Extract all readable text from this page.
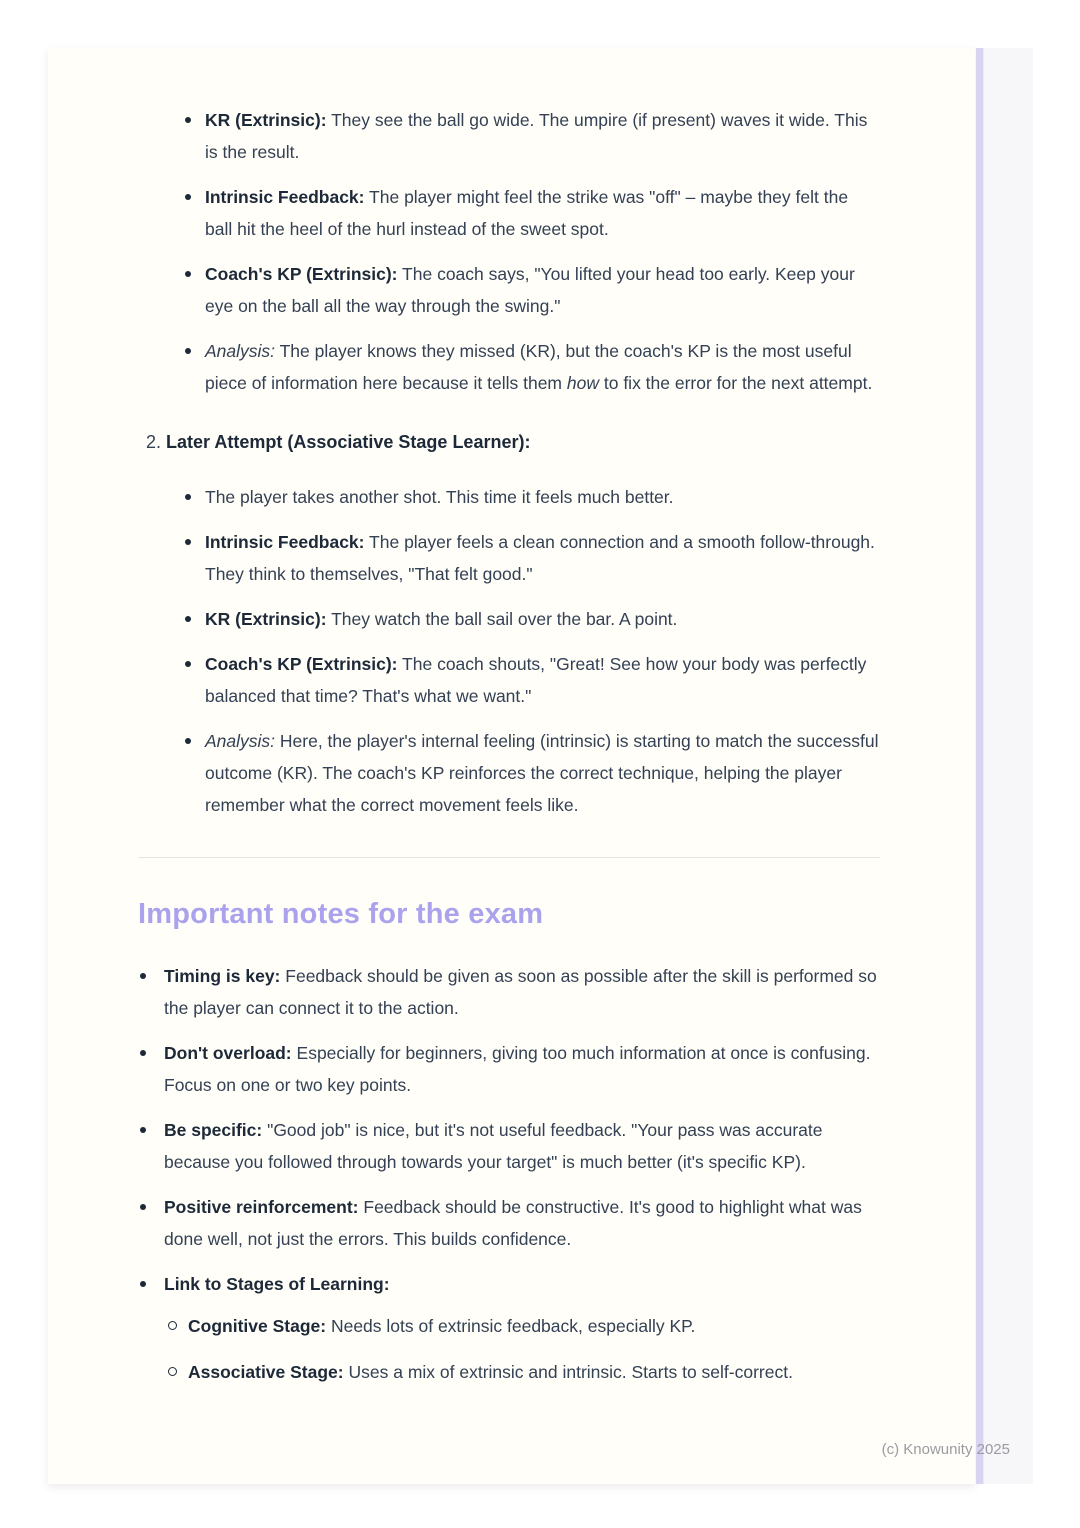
KR (Extrinsic): They see the ball go wide. The umpire (if present) waves it wide. This is the result.
Intrinsic Feedback: The player might feel the strike was "off" – maybe they felt the ball hit the heel of the hurl instead of the sweet spot.
Coach's KP (Extrinsic): The coach says, "You lifted your head too early. Keep your eye on the ball all the way through the swing."
Analysis: The player knows they missed (KR), but the coach's KP is the most useful piece of information here because it tells them how to fix the error for the next attempt.
2. Later Attempt (Associative Stage Learner):
The player takes another shot. This time it feels much better.
Intrinsic Feedback: The player feels a clean connection and a smooth follow-through. They think to themselves, "That felt good."
KR (Extrinsic): They watch the ball sail over the bar. A point.
Coach's KP (Extrinsic): The coach shouts, "Great! See how your body was perfectly balanced that time? That's what we want."
Analysis: Here, the player's internal feeling (intrinsic) is starting to match the successful outcome (KR). The coach's KP reinforces the correct technique, helping the player remember what the correct movement feels like.
Important notes for the exam
Timing is key: Feedback should be given as soon as possible after the skill is performed so the player can connect it to the action.
Don't overload: Especially for beginners, giving too much information at once is confusing. Focus on one or two key points.
Be specific: "Good job" is nice, but it's not useful feedback. "Your pass was accurate because you followed through towards your target" is much better (it's specific KP).
Positive reinforcement: Feedback should be constructive. It's good to highlight what was done well, not just the errors. This builds confidence.
Link to Stages of Learning:
Cognitive Stage: Needs lots of extrinsic feedback, especially KP.
Associative Stage: Uses a mix of extrinsic and intrinsic. Starts to self-correct.
(c) Knowunity 2025
